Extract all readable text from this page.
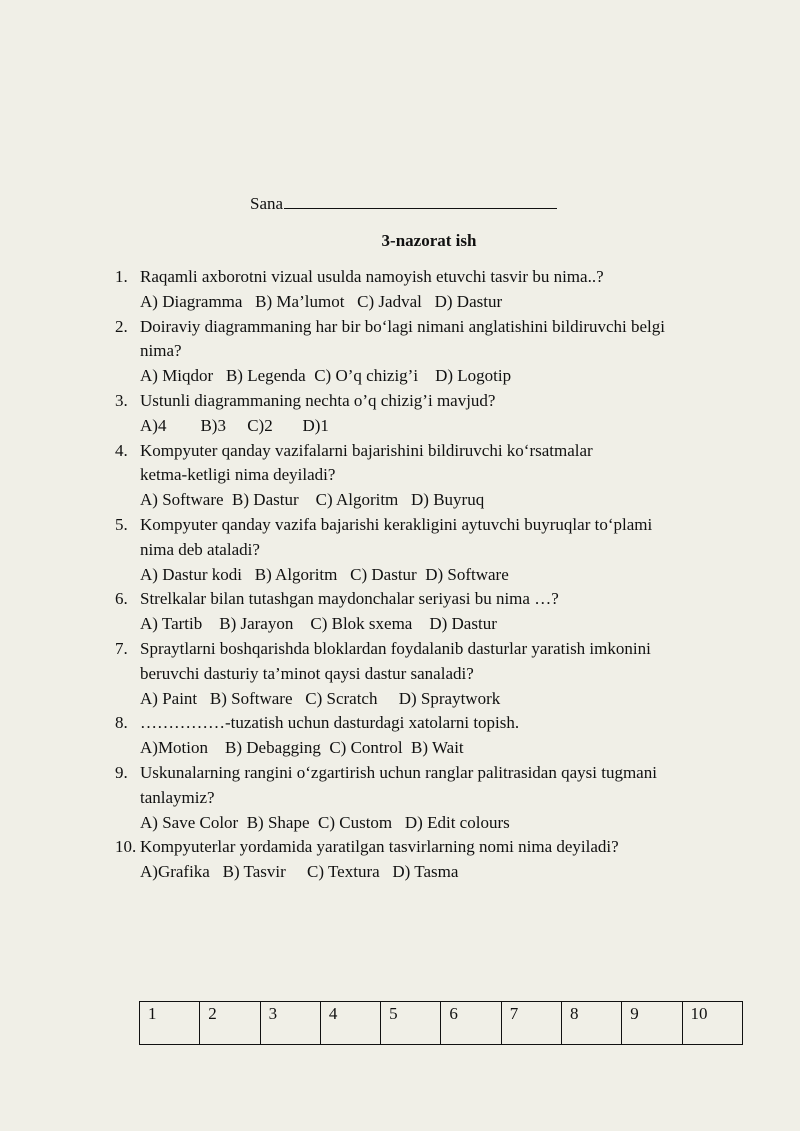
Sana
3-nazorat ish
1. Raqamli axborotni vizual usulda namoyish etuvchi tasvir bu nima..?
A) Diagramma   B) Ma’lumot   C) Jadval   D) Dastur
2. Doiraviy diagrammaning har bir boʻlagi nimani anglatishini bildiruvchi belgi
nima?
A) Miqdor   B) Legenda  C) O’q chizig’i    D) Logotip
3. Ustunli diagrammaning nechta o’q chizig’i mavjud?
A)4        B)3     C)2       D)1
4. Kompyuter qanday vazifalarni bajarishini bildiruvchi koʻrsatmalar
ketma-ketligi nima deyiladi?
A) Software  B) Dastur    C) Algoritm   D) Buyruq
5. Kompyuter qanday vazifa bajarishi kerakligini aytuvchi buyruqlar toʻplami
nima deb ataladi?
A) Dastur kodi   B) Algoritm   C) Dastur  D) Software
6. Strelkalar bilan tutashgan maydonchalar seriyasi bu nima …?
A) Tartib    B) Jarayon    C) Blok sxema    D) Dastur
7. Spraytlarni boshqarishda bloklardan foydalanib dasturlar yaratish imkonini
beruvchi dasturiy ta’minot qaysi dastur sanaladi?
A) Paint   B) Software   C) Scratch     D) Spraytwork
8. ……………-tuzatish uchun dasturdagi xatolarni topish.
A)Motion    B) Debagging  C) Control  B) Wait
9. Uskunalarning rangini oʻzgartirish uchun ranglar palitrasidan qaysi tugmani
tanlaymiz?
A) Save Color  B) Shape  C) Custom   D) Edit colours
10. Kompyuterlar yordamida yaratilgan tasvirlarning nomi nima deyiladi?
A)Grafika   B) Tasvir     C) Textura   D) Tasma
1	2	3	4	5	6	7	8	9	10
